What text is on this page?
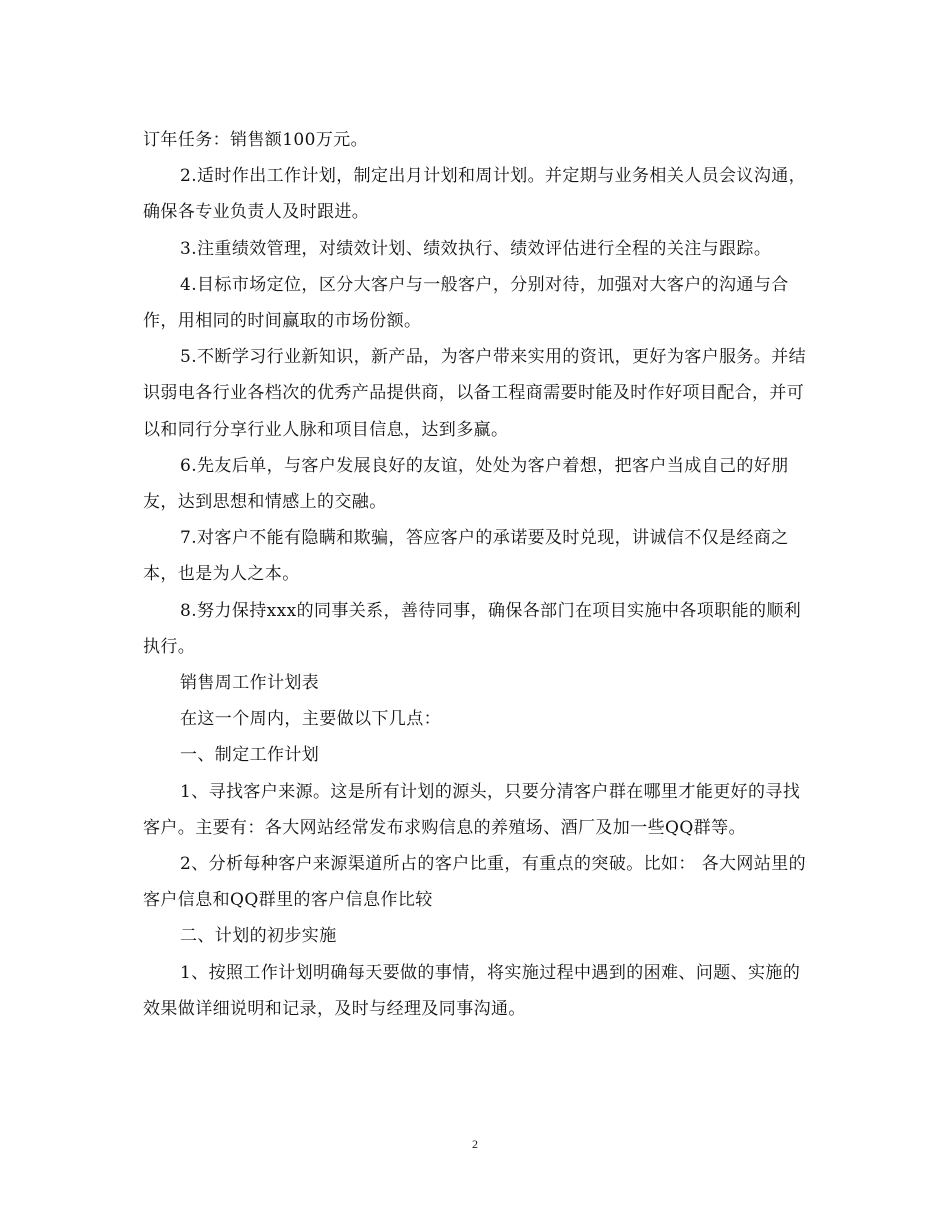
订年任务：销售额100万元。

2.适时作出工作计划，制定出月计划和周计划。并定期与业务相关人员会议沟通，确保各专业负责人及时跟进。

3.注重绩效管理，对绩效计划、绩效执行、绩效评估进行全程的关注与跟踪。

4.目标市场定位，区分大客户与一般客户，分别对待，加强对大客户的沟通与合作，用相同的时间赢取的市场份额。

5.不断学习行业新知识，新产品，为客户带来实用的资讯，更好为客户服务。并结识弱电各行业各档次的优秀产品提供商，以备工程商需要时能及时作好项目配合，并可以和同行分享行业人脉和项目信息，达到多赢。

6.先友后单，与客户发展良好的友谊，处处为客户着想，把客户当成自己的好朋友，达到思想和情感上的交融。

7.对客户不能有隐瞒和欺骗，答应客户的承诺要及时兑现，讲诚信不仅是经商之本，也是为人之本。

8.努力保持xxx的同事关系，善待同事，确保各部门在项目实施中各项职能的顺利执行。

销售周工作计划表

在这一个周内，主要做以下几点：

一、制定工作计划

1、寻找客户来源。这是所有计划的源头，只要分清客户群在哪里才能更好的寻找客户。主要有：各大网站经常发布求购信息的养殖场、酒厂及加一些QQ群等。

2、分析每种客户来源渠道所占的客户比重，有重点的突破。比如： 各大网站里的客户信息和QQ群里的客户信息作比较

二、计划的初步实施

1、按照工作计划明确每天要做的事情，将实施过程中遇到的困难、问题、实施的效果做详细说明和记录，及时与经理及同事沟通。

2
